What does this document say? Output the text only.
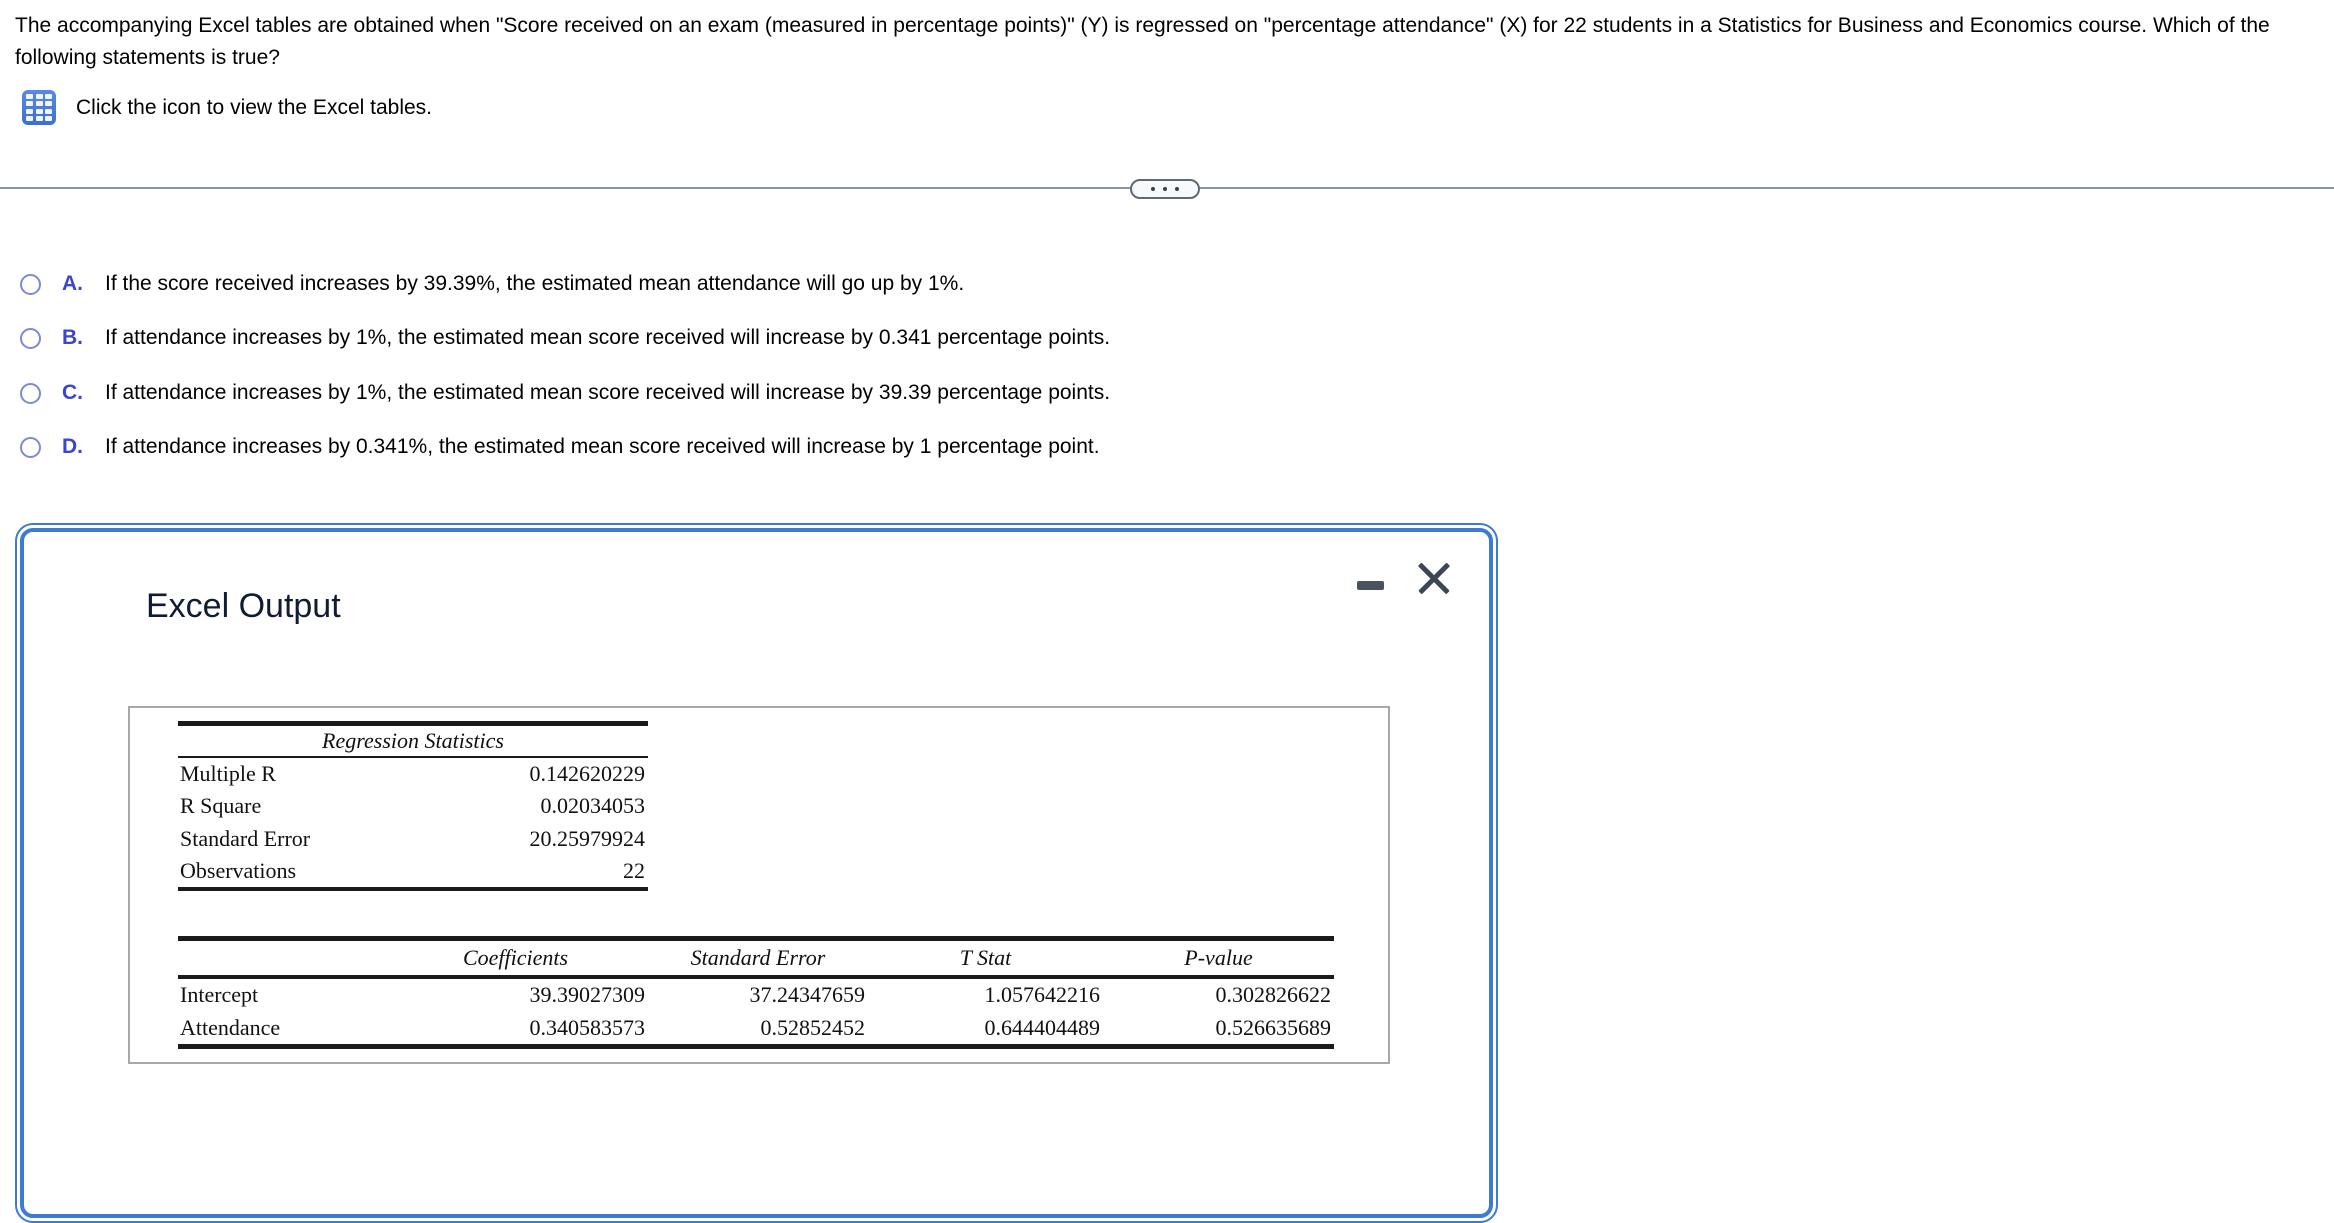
The accompanying Excel tables are obtained when "Score received on an exam (measured in percentage points)" (Y) is regressed on "percentage attendance" (X) for 22 students in a Statistics for Business and Economics course. Which of the following statements is true?
Click the icon to view the Excel tables.
A.	If the score received increases by 39.39%, the estimated mean attendance will go up by 1%.
B.	If attendance increases by 1%, the estimated mean score received will increase by 0.341 percentage points.
C.	If attendance increases by 1%, the estimated mean score received will increase by 39.39 percentage points.
D.	If attendance increases by 0.341%, the estimated mean score received will increase by 1 percentage point.
Excel Output
Regression Statistics	
Multiple R	0.142620229
R Square	0.02034053
Standard Error	20.25979924
Observations	22
	Coefficients	Standard Error	T Stat	P-value
Intercept	39.39027309	37.24347659	1.057642216	0.302826622
Attendance	0.340583573	0.52852452	0.644404489	0.526635689
